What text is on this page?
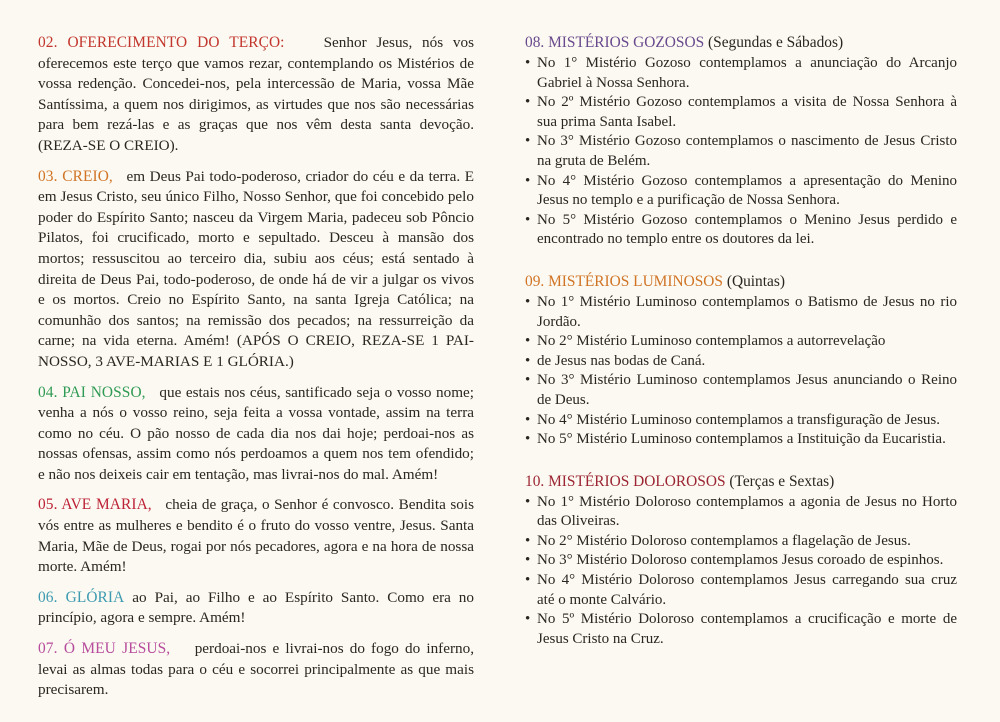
02. OFERECIMENTO DO TERÇO:	Senhor Jesus, nós vos oferecemos este terço que vamos rezar, contemplando os Mistérios de vossa redenção. Concedei-nos, pela intercessão de Maria, vossa Mãe Santíssima, a quem nos dirigimos, as virtudes que nos são necessárias para bem rezá-las e as graças que nos vêm desta santa devoção. (REZA-SE O CREIO).

03. CREIO, em Deus Pai todo-poderoso, criador do céu e da terra. E em Jesus Cristo, seu único Filho, Nosso Senhor, que foi concebido pelo poder do Espírito Santo; nasceu da Virgem Maria, padeceu sob Pôncio Pilatos, foi crucificado, morto e sepultado. Desceu à mansão dos mortos; ressuscitou ao terceiro dia, subiu aos céus; está sentado à direita de Deus Pai, todo-poderoso, de onde há de vir a julgar os vivos e os mortos. Creio no Espírito Santo, na santa Igreja Católica; na comunhão dos santos; na remissão dos pecados; na ressurreição da carne; na vida eterna. Amém! (APÓS O CREIO, REZA-SE 1 PAI-NOSSO, 3 AVE-MARIAS E 1 GLÓRIA.)

04. PAI NOSSO, que estais nos céus, santificado seja o vosso nome; venha a nós o vosso reino, seja feita a vossa vontade, assim na terra como no céu. O pão nosso de cada dia nos dai hoje; perdoai-nos as nossas ofensas, assim como nós perdoamos a quem nos tem ofendido; e não nos deixeis cair em tentação, mas livrai-nos do mal. Amém!

05. AVE MARIA, cheia de graça, o Senhor é convosco. Bendita sois vós entre as mulheres e bendito é o fruto do vosso ventre, Jesus. Santa Maria, Mãe de Deus, rogai por nós pecadores, agora e na hora de nossa morte. Amém!

06. GLÓRIA ao Pai, ao Filho e ao Espírito Santo. Como era no princípio, agora e sempre. Amém!

07. Ó MEU JESUS, perdoai-nos e livrai-nos do fogo do inferno, levai as almas todas para o céu e socorrei principalmente as que mais precisarem.

08. MISTÉRIOS GOZOSOS (Segundas e Sábados)
• No 1° Mistério Gozoso contemplamos a anunciação do Arcanjo Gabriel à Nossa Senhora.
• No 2º Mistério Gozoso contemplamos a visita de Nossa Senhora à sua prima Santa Isabel.
• No 3° Mistério Gozoso contemplamos o nascimento de Jesus Cristo na gruta de Belém.
• No 4° Mistério Gozoso contemplamos a apresentação do Menino Jesus no templo e a purificação de Nossa Senhora.
• No 5° Mistério Gozoso contemplamos o Menino Jesus perdido e encontrado no templo entre os doutores da lei.
09. MISTÉRIOS LUMINOSOS (Quintas)
• No 1° Mistério Luminoso contemplamos o Batismo de Jesus no rio Jordão.
• No 2° Mistério Luminoso contemplamos a autorrevelação
• de Jesus nas bodas de Caná.
• No 3° Mistério Luminoso contemplamos Jesus anunciando o Reino de Deus.
• No 4° Mistério Luminoso contemplamos a transfiguração de Jesus.
• No 5° Mistério Luminoso contemplamos a Instituição da Eucaristia.
10. MISTÉRIOS DOLOROSOS (Terças e Sextas)
• No 1° Mistério Doloroso contemplamos a agonia de Jesus no Horto das Oliveiras.
• No 2° Mistério Doloroso contemplamos a flagelação de Jesus.
• No 3° Mistério Doloroso contemplamos Jesus coroado de espinhos.
• No 4° Mistério Doloroso contemplamos Jesus carregando sua cruz até o monte Calvário.
• No 5º Mistério Doloroso contemplamos a crucificação e morte de Jesus Cristo na Cruz.
